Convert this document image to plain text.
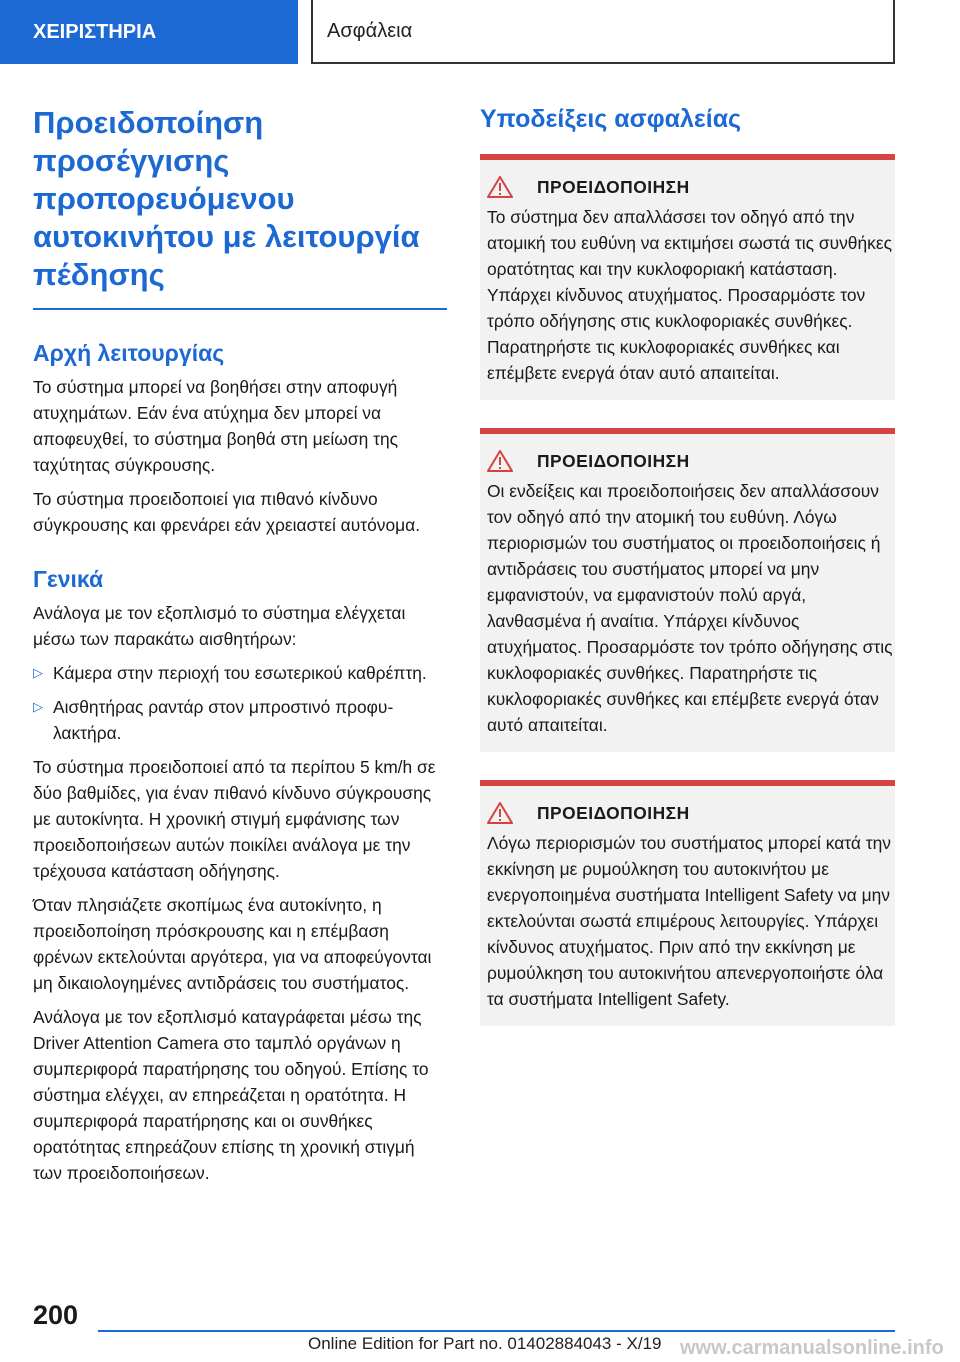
ΧΕΙΡΙΣΤΗΡΙΑ	Ασφάλεια
Προειδοποίηση προσέγγισης προπορευόμενου αυτοκινήτου με λειτουργία πέδησης
Αρχή λειτουργίας

Το σύστημα μπορεί να βοηθήσει στην αποφυγή ατυχημάτων. Εάν ένα ατύχημα δεν μπορεί να αποφευχθεί, το σύστημα βοηθά στη μείωση της ταχύτητας σύγκρουσης.

Το σύστημα προειδοποιεί για πιθανό κίνδυνο σύγκρουσης και φρενάρει εάν χρειαστεί αυτόνομα.

Γενικά

Ανάλογα με τον εξοπλισμό το σύστημα ελέγχεται μέσω των παρακάτω αισθητήρων:

▷ Κάμερα στην περιοχή του εσωτερικού καθρέπτη.
▷ Αισθητήρας ραντάρ στον μπροστινό προφυλακτήρα.

Το σύστημα προειδοποιεί από τα περίπου 5 km/h σε δύο βαθμίδες, για έναν πιθανό κίνδυνο σύγκρουσης με αυτοκίνητα. Η χρονική στιγμή εμφάνισης των προειδοποιήσεων αυτών ποικίλει ανάλογα με την τρέχουσα κατάσταση οδήγησης.

Όταν πλησιάζετε σκοπίμως ένα αυτοκίνητο, η προειδοποίηση πρόσκρουσης και η επέμβαση φρένων εκτελούνται αργότερα, για να αποφεύγονται μη δικαιολογημένες αντιδράσεις του συστήματος.

Ανάλογα με τον εξοπλισμό καταγράφεται μέσω της Driver Attention Camera στο ταμπλό οργάνων η συμπεριφορά παρατήρησης του οδηγού. Επίσης το σύστημα ελέγχει, αν επηρεάζεται η ορατότητα. Η συμπεριφορά παρατήρησης και οι συνθήκες ορατότητας επηρεάζουν επίσης τη χρονική στιγμή των προειδοποιήσεων.

Υποδείξεις ασφαλείας
ΠΡΟΕΙΔΟΠΟΙΗΣΗ

Το σύστημα δεν απαλλάσσει τον οδηγό από την ατομική του ευθύνη να εκτιμήσει σωστά τις συνθήκες ορατότητας και την κυκλοφοριακή κατάσταση. Υπάρχει κίνδυνος ατυχήματος. Προσαρμόστε τον τρόπο οδήγησης στις κυκλοφοριακές συνθήκες. Παρατηρήστε τις κυκλοφοριακές συνθήκες και επέμβετε ενεργά όταν αυτό απαιτείται.

ΠΡΟΕΙΔΟΠΟΙΗΣΗ

Οι ενδείξεις και προειδοποιήσεις δεν απαλλάσσουν τον οδηγό από την ατομική του ευθύνη. Λόγω περιορισμών του συστήματος οι προειδοποιήσεις ή αντιδράσεις του συστήματος μπορεί να μην εμφανιστούν, να εμφανιστούν πολύ αργά, λανθασμένα ή αναίτια. Υπάρχει κίνδυνος ατυχήματος. Προσαρμόστε τον τρόπο οδήγησης στις κυκλοφοριακές συνθήκες. Παρατηρήστε τις κυκλοφοριακές συνθήκες και επέμβετε ενεργά όταν αυτό απαιτείται.

ΠΡΟΕΙΔΟΠΟΙΗΣΗ

Λόγω περιορισμών του συστήματος μπορεί κατά την εκκίνηση με ρυμούλκηση του αυτοκινήτου με ενεργοποιημένα συστήματα Intelligent Safety να μην εκτελούνται σωστά επιμέρους λειτουργίες. Υπάρχει κίνδυνος ατυχήματος. Πριν από την εκκίνηση με ρυμούλκηση του αυτοκινήτου απενεργοποιήστε όλα τα συστήματα Intelligent Safety.

200
Online Edition for Part no. 01402884043 - X/19 www.carmanualsonline.info
